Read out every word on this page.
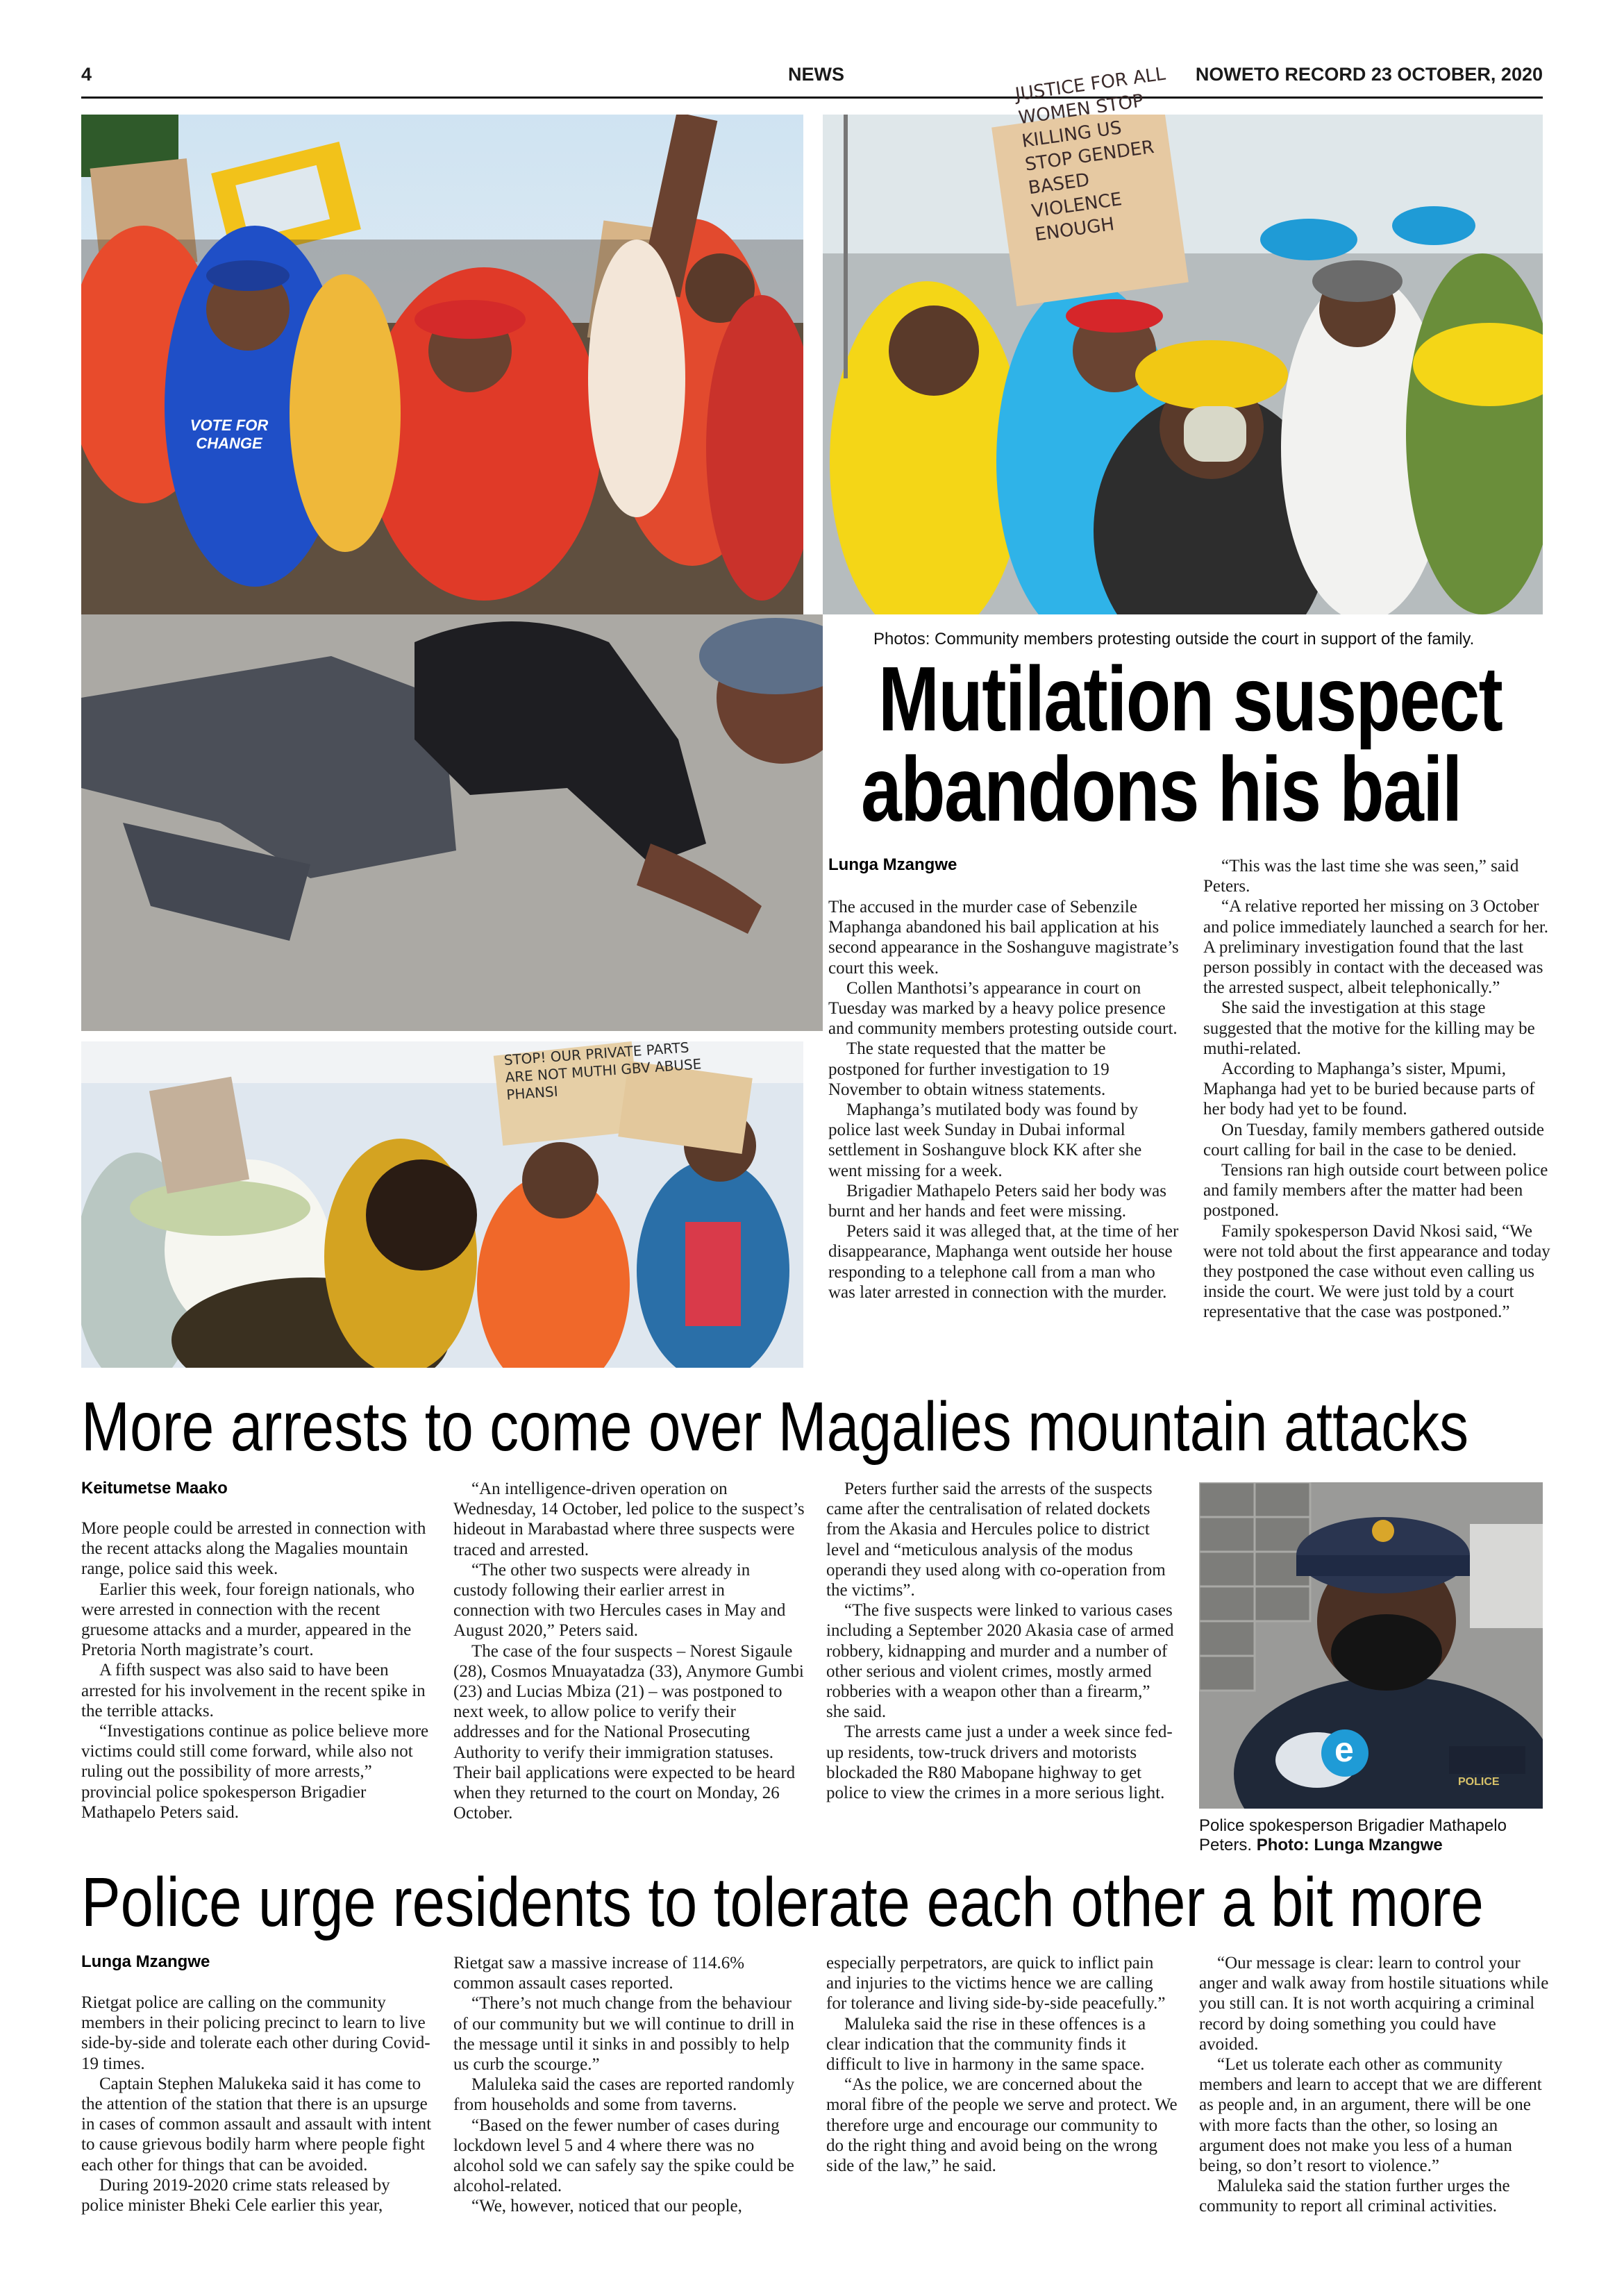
4	NEWS	NOWETO RECORD 23 OCTOBER, 2020
VOTE FOR CHANGE
JUSTICE FOR ALL WOMEN STOP KILLING US STOP GENDER BASED VIOLENCE ENOUGH
STOP! OUR PRIVATE PARTS ARE NOT MUTHI GBV ABUSE PHANSI
Photos: Community members protesting outside the court in support of the family.
Mutilation suspect
abandons his bail
Lunga Mzangwe

The accused in the murder case of Sebenzile Maphanga abandoned his bail application at his second appearance in the Soshanguve magistrate’s court this week.

Collen Manthotsi’s appearance in court on Tuesday was marked by a heavy police presence and community members protesting outside court.

The state requested that the matter be postponed for further investigation to 19 November to obtain witness statements.

Maphanga’s mutilated body was found by police last week Sunday in Dubai informal settlement in Soshanguve block KK after she went missing for a week.

Brigadier Mathapelo Peters said her body was burnt and her hands and feet were missing.

Peters said it was alleged that, at the time of her disappearance, Maphanga went outside her house responding to a telephone call from a man who was later arrested in connection with the murder.

“This was the last time she was seen,” said Peters.

“A relative reported her missing on 3 October and police immediately launched a search for her. A preliminary investigation found that the last person possibly in contact with the deceased was the arrested suspect, albeit telephonically.”

She said the investigation at this stage suggested that the motive for the killing may be muthi-related.

According to Maphanga’s sister, Mpumi, Maphanga had yet to be buried because parts of her body had yet to be found.

On Tuesday, family members gathered outside court calling for bail in the case to be denied.

Tensions ran high outside court between police and family members after the matter had been postponed.

Family spokesperson David Nkosi said, “We were not told about the first appearance and today they postponed the case without even calling us inside the court. We were just told by a court representative that the case was postponed.”

More arrests to come over Magalies mountain attacks
Keitumetse Maako

More people could be arrested in connection with the recent attacks along the Magalies mountain range, police said this week.

Earlier this week, four foreign nationals, who were arrested in connection with the recent gruesome attacks and a murder, appeared in the Pretoria North magistrate’s court.

A fifth suspect was also said to have been arrested for his involvement in the recent spike in the terrible attacks.

“Investigations continue as police believe more victims could still come forward, while also not ruling out the possibility of more arrests,” provincial police spokesperson Brigadier Mathapelo Peters said.

“An intelligence-driven operation on Wednesday, 14 October, led police to the suspect’s hideout in Marabastad where three suspects were traced and arrested.

“The other two suspects were already in custody following their earlier arrest in connection with two Hercules cases in May and August 2020,” Peters said.

The case of the four suspects – Norest Sigaule (28), Cosmos Mnuayatadza (33), Anymore Gumbi (23) and Lucias Mbiza (21) – was postponed to next week, to allow police to verify their addresses and for the National Prosecuting Authority to verify their immigration statuses. Their bail applications were expected to be heard when they returned to the court on Monday, 26 October.

Peters further said the arrests of the suspects came after the centralisation of related dockets from the Akasia and Hercules police to district level and “meticulous analysis of the modus operandi they used along with co-operation from the victims”.

“The five suspects were linked to various cases including a September 2020 Akasia case of armed robbery, kidnapping and murder and a number of other serious and violent crimes, mostly armed robberies with a weapon other than a firearm,” she said.

The arrests came just a under a week since fed-up residents, tow-truck drivers and motorists blockaded the R80 Mabopane highway to get police to view the crimes in a more serious light.

e
POLICE
Police spokesperson Brigadier Mathapelo Peters. Photo: Lunga Mzangwe
Police urge residents to tolerate each other a bit more
Lunga Mzangwe

Rietgat police are calling on the community members in their policing precinct to learn to live side-by-side and tolerate each other during Covid-19 times.

Captain Stephen Malukeka said it has come to the attention of the station that there is an upsurge in cases of common assault and assault with intent to cause grievous bodily harm where people fight each other for things that can be avoided.

During 2019-2020 crime stats released by police minister Bheki Cele earlier this year,

Rietgat saw a massive increase of 114.6% common assault cases reported.

“There’s not much change from the behaviour of our community but we will continue to drill in the message until it sinks in and possibly to help us curb the scourge.”

Maluleka said the cases are reported randomly from households and some from taverns.

“Based on the fewer number of cases during lockdown level 5 and 4 where there was no alcohol sold we can safely say the spike could be alcohol-related.

“We, however, noticed that our people,

especially perpetrators, are quick to inflict pain and injuries to the victims hence we are calling for tolerance and living side-by-side peacefully.”

Maluleka said the rise in these offences is a clear indication that the community finds it difficult to live in harmony in the same space.

“As the police, we are concerned about the moral fibre of the people we serve and protect. We therefore urge and encourage our community to do the right thing and avoid being on the wrong side of the law,” he said.

“Our message is clear: learn to control your anger and walk away from hostile situations while you still can. It is not worth acquiring a criminal record by doing something you could have avoided.

“Let us tolerate each other as community members and learn to accept that we are different as people and, in an argument, there will be one with more facts than the other, so losing an argument does not make you less of a human being, so don’t resort to violence.”

Maluleka said the station further urges the community to report all criminal activities.
